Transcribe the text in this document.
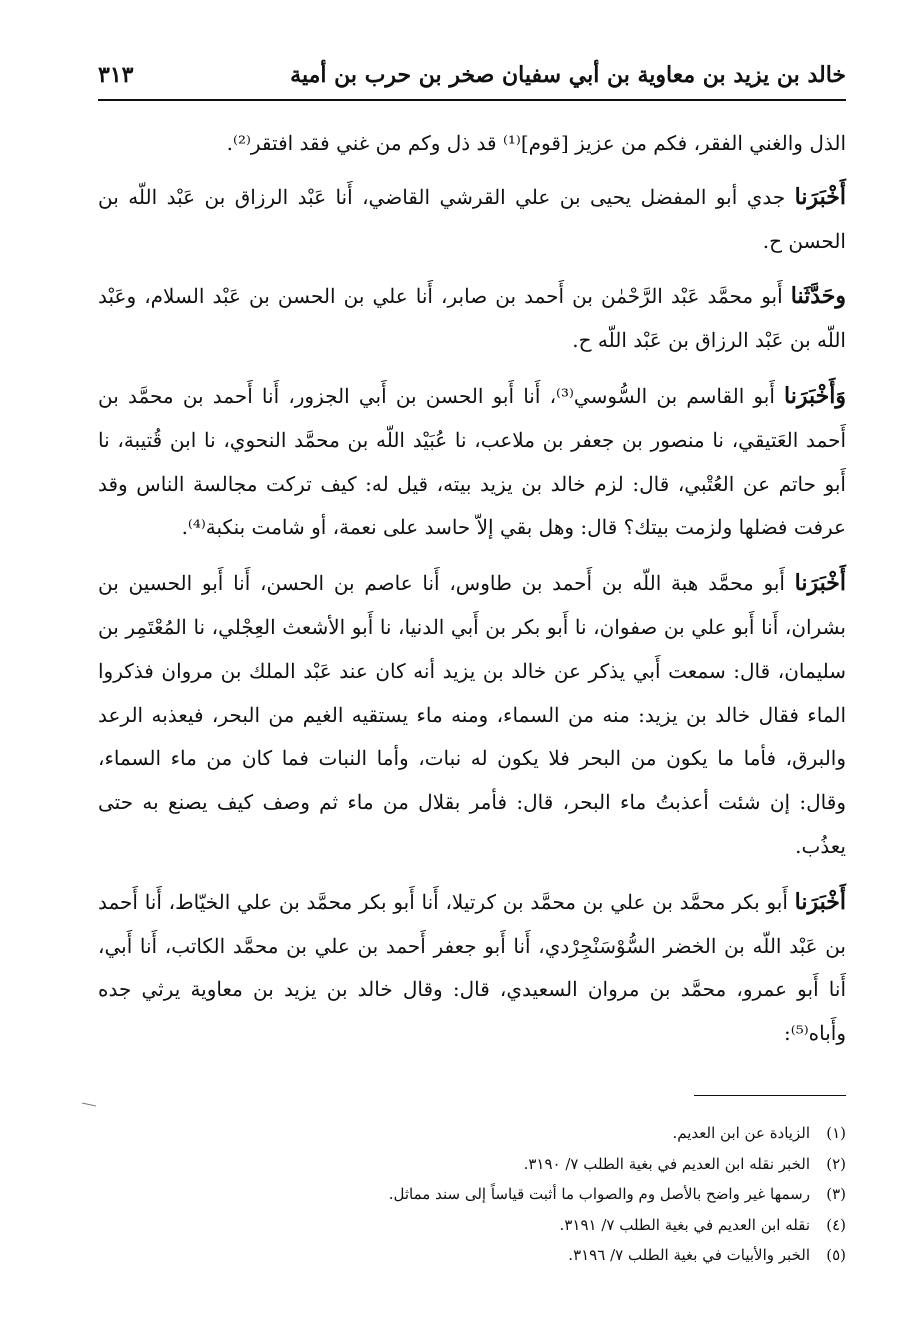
خالد بن يزيد بن معاوية بن أبي سفيان صخر بن حرب بن أمية
٣١٣

الذل والغني الفقر، فكم من عزيز [قوم]⁽¹⁾ قد ذل وكم من غني فقد افتقر⁽²⁾.

أَخْبَرَنا جدي أبو المفضل يحيى بن علي القرشي القاضي، أَنا عَبْد الرزاق بن عَبْد اللّه بن الحسن ح.

وحَدَّثَنا أَبو محمَّد عَبْد الرَّحْمٰن بن أَحمد بن صابر، أَنا علي بن الحسن بن عَبْد السلام، وعَبْد اللّه بن عَبْد الرزاق بن عَبْد اللّه ح.

وَأَخْبَرَنا أَبو القاسم بن السُّوسي⁽³⁾، أَنا أَبو الحسن بن أَبي الجزور، أَنا أَحمد بن محمَّد بن أَحمد العَتيقي، نا منصور بن جعفر بن ملاعب، نا عُبَيْد اللّه بن محمَّد النحوي، نا ابن قُتيبة، نا أَبو حاتم عن العُتْبي، قال: لزم خالد بن يزيد بيته، قيل له: كيف تركت مجالسة الناس وقد عرفت فضلها ولزمت بيتك؟ قال: وهل بقي إلاّ حاسد على نعمة، أو شامت بنكبة⁽⁴⁾.

أَخْبَرَنا أَبو محمَّد هبة اللّه بن أَحمد بن طاوس، أَنا عاصم بن الحسن، أَنا أَبو الحسين بن بشران، أَنا أَبو علي بن صفوان، نا أَبو بكر بن أَبي الدنيا، نا أَبو الأشعث العِجْلي، نا المُعْتَمِر بن سليمان، قال: سمعت أَبي يذكر عن خالد بن يزيد أنه كان عند عَبْد الملك بن مروان فذكروا الماء فقال خالد بن يزيد: منه من السماء، ومنه ماء يستقيه الغيم من البحر، فيعذبه الرعد والبرق، فأما ما يكون من البحر فلا يكون له نبات، وأما النبات فما كان من ماء السماء، وقال: إن شئت أعذبتُ ماء البحر، قال: فأمر بقلال من ماء ثم وصف كيف يصنع به حتى يعذُب.

أَخْبَرَنا أَبو بكر محمَّد بن علي بن محمَّد بن كرتيلا، أَنا أَبو بكر محمَّد بن علي الخيّاط، أَنا أَحمد بن عَبْد اللّه بن الخضر السُّوْسَنْجِرْدي، أَنا أَبو جعفر أَحمد بن علي بن محمَّد الكاتب، أَنا أَبي، أَنا أَبو عمرو، محمَّد بن مروان السعيدي، قال: وقال خالد بن يزيد بن معاوية يرثي جده وأَباه⁽⁵⁾:

(١)الزيادة عن ابن العديم.
(٢)الخبر نقله ابن العديم في بغية الطلب ٧/ ٣١٩٠.
(٣)رسمها غير واضح بالأصل وم والصواب ما أثبت قياساً إلى سند مماثل.
(٤)نقله ابن العديم في بغية الطلب ٧/ ٣١٩١.
(٥)الخبر والأبيات في بغية الطلب ٧/ ٣١٩٦.
